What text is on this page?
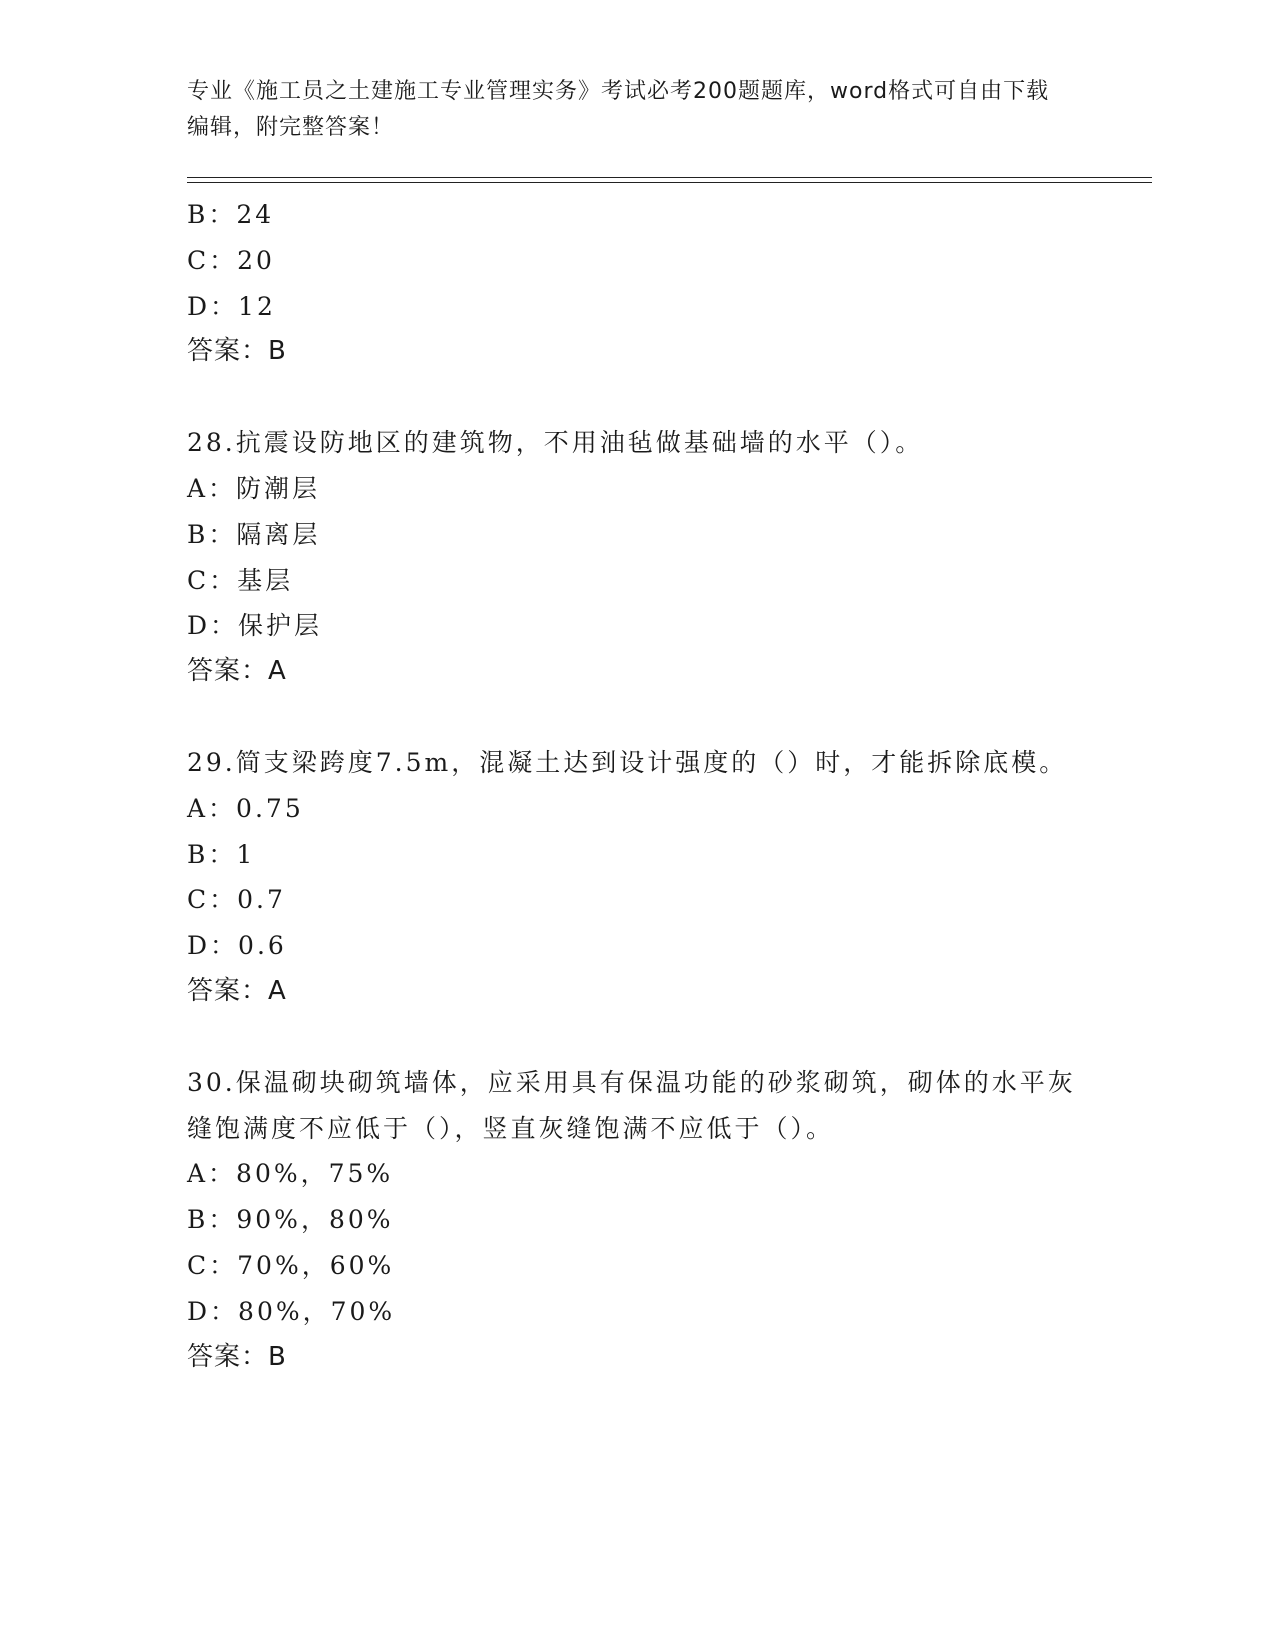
专业《施工员之土建施工专业管理实务》考试必考200题题库，word格式可自由下载编辑，附完整答案！
B：24
C：20
D：12
答案：B
28.抗震设防地区的建筑物，不用油毡做基础墙的水平（）。
A：防潮层
B：隔离层
C：基层
D：保护层
答案：A
29.简支梁跨度7.5m，混凝土达到设计强度的（）时，才能拆除底模。
A：0.75
B：1
C：0.7
D：0.6
答案：A
30.保温砌块砌筑墙体，应采用具有保温功能的砂浆砌筑，砌体的水平灰缝饱满度不应低于（），竖直灰缝饱满不应低于（）。
A：80%，75%
B：90%，80%
C：70%，60%
D：80%，70%
答案：B
